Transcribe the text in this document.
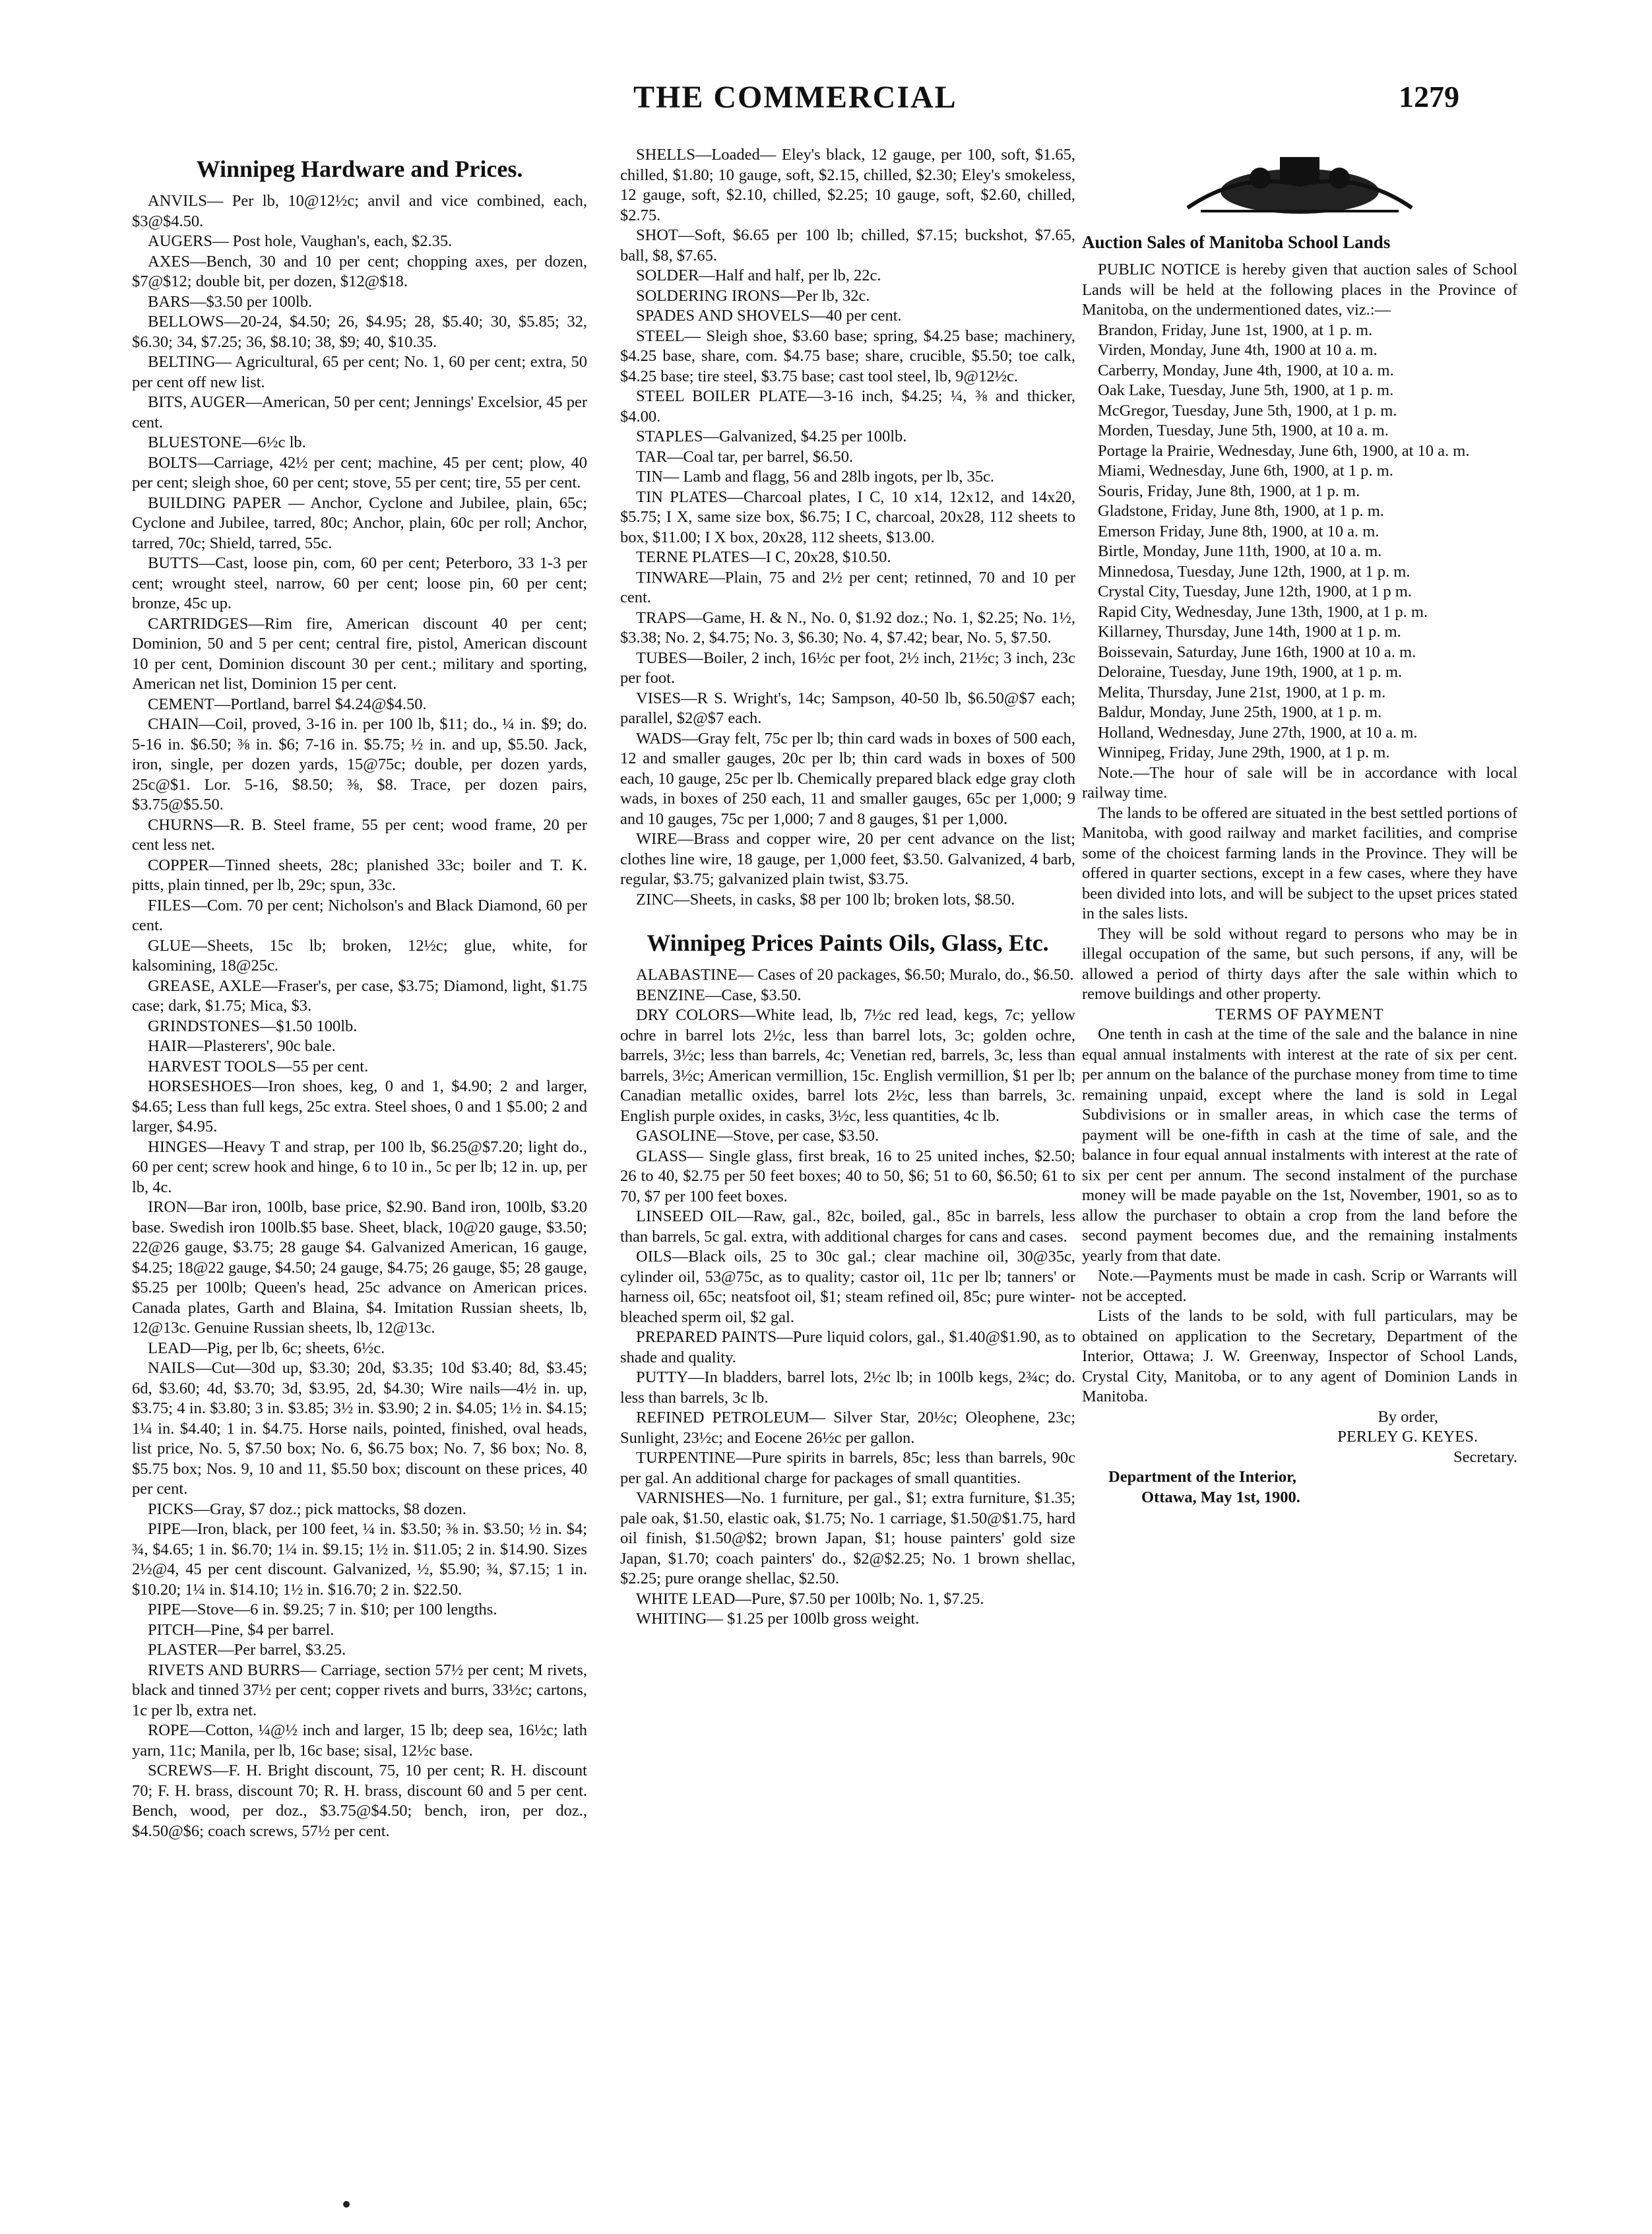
THE COMMERCIAL	1279
Winnipeg Hardware and Prices.

ANVILS— Per lb, 10@12½c; anvil and vice combined, each, $3@$4.50.

AUGERS— Post hole, Vaughan's, each, $2.35.

AXES—Bench, 30 and 10 per cent; chopping axes, per dozen, $7@$12; double bit, per dozen, $12@$18.

BARS—$3.50 per 100lb.

BELLOWS—20-24, $4.50; 26, $4.95; 28, $5.40; 30, $5.85; 32, $6.30; 34, $7.25; 36, $8.10; 38, $9; 40, $10.35.

BELTING— Agricultural, 65 per cent; No. 1, 60 per cent; extra, 50 per cent off new list.

BITS, AUGER—American, 50 per cent; Jennings' Excelsior, 45 per cent.

BLUESTONE—6½c lb.

BOLTS—Carriage, 42½ per cent; machine, 45 per cent; plow, 40 per cent; sleigh shoe, 60 per cent; stove, 55 per cent; tire, 55 per cent.

BUILDING PAPER — Anchor, Cyclone and Jubilee, plain, 65c; Cyclone and Jubilee, tarred, 80c; Anchor, plain, 60c per roll; Anchor, tarred, 70c; Shield, tarred, 55c.

BUTTS—Cast, loose pin, com, 60 per cent; Peterboro, 33 1-3 per cent; wrought steel, narrow, 60 per cent; loose pin, 60 per cent; bronze, 45c up.

CARTRIDGES—Rim fire, American discount 40 per cent; Dominion, 50 and 5 per cent; central fire, pistol, American discount 10 per cent, Dominion discount 30 per cent.; military and sporting, American net list, Dominion 15 per cent.

CEMENT—Portland, barrel $4.24@$4.50.

CHAIN—Coil, proved, 3-16 in. per 100 lb, $11; do., ¼ in. $9; do. 5-16 in. $6.50; ⅜ in. $6; 7-16 in. $5.75; ½ in. and up, $5.50. Jack, iron, single, per dozen yards, 15@75c; double, per dozen yards, 25c@$1. Lor. 5-16, $8.50; ⅜, $8. Trace, per dozen pairs, $3.75@$5.50.

CHURNS—R. B. Steel frame, 55 per cent; wood frame, 20 per cent less net.

COPPER—Tinned sheets, 28c; planished 33c; boiler and T. K. pitts, plain tinned, per lb, 29c; spun, 33c.

FILES—Com. 70 per cent; Nicholson's and Black Diamond, 60 per cent.

GLUE—Sheets, 15c lb; broken, 12½c; glue, white, for kalsomining, 18@25c.

GREASE, AXLE—Fraser's, per case, $3.75; Diamond, light, $1.75 case; dark, $1.75; Mica, $3.

GRINDSTONES—$1.50 100lb.

HAIR—Plasterers', 90c bale.

HARVEST TOOLS—55 per cent.

HORSESHOES—Iron shoes, keg, 0 and 1, $4.90; 2 and larger, $4.65; Less than full kegs, 25c extra. Steel shoes, 0 and 1 $5.00; 2 and larger, $4.95.

HINGES—Heavy T and strap, per 100 lb, $6.25@$7.20; light do., 60 per cent; screw hook and hinge, 6 to 10 in., 5c per lb; 12 in. up, per lb, 4c.

IRON—Bar iron, 100lb, base price, $2.90. Band iron, 100lb, $3.20 base. Swedish iron 100lb.$5 base. Sheet, black, 10@20 gauge, $3.50; 22@26 gauge, $3.75; 28 gauge $4. Galvanized American, 16 gauge, $4.25; 18@22 gauge, $4.50; 24 gauge, $4.75; 26 gauge, $5; 28 gauge, $5.25 per 100lb; Queen's head, 25c advance on American prices. Canada plates, Garth and Blaina, $4. Imitation Russian sheets, lb, 12@13c. Genuine Russian sheets, lb, 12@13c.

LEAD—Pig, per lb, 6c; sheets, 6½c.

NAILS—Cut—30d up, $3.30; 20d, $3.35; 10d $3.40; 8d, $3.45; 6d, $3.60; 4d, $3.70; 3d, $3.95, 2d, $4.30; Wire nails—4½ in. up, $3.75; 4 in. $3.80; 3 in. $3.85; 3½ in. $3.90; 2 in. $4.05; 1½ in. $4.15; 1¼ in. $4.40; 1 in. $4.75. Horse nails, pointed, finished, oval heads, list price, No. 5, $7.50 box; No. 6, $6.75 box; No. 7, $6 box; No. 8, $5.75 box; Nos. 9, 10 and 11, $5.50 box; discount on these prices, 40 per cent.

PICKS—Gray, $7 doz.; pick mattocks, $8 dozen.

PIPE—Iron, black, per 100 feet, ¼ in. $3.50; ⅜ in. $3.50; ½ in. $4; ¾, $4.65; 1 in. $6.70; 1¼ in. $9.15; 1½ in. $11.05; 2 in. $14.90. Sizes 2½@4, 45 per cent discount. Galvanized, ½, $5.90; ¾, $7.15; 1 in. $10.20; 1¼ in. $14.10; 1½ in. $16.70; 2 in. $22.50.

PIPE—Stove—6 in. $9.25; 7 in. $10; per 100 lengths.

PITCH—Pine, $4 per barrel.

PLASTER—Per barrel, $3.25.

RIVETS AND BURRS— Carriage, section 57½ per cent; M rivets, black and tinned 37½ per cent; copper rivets and burrs, 33½c; cartons, 1c per lb, extra net.

ROPE—Cotton, ¼@½ inch and larger, 15 lb; deep sea, 16½c; lath yarn, 11c; Manila, per lb, 16c base; sisal, 12½c base.

SCREWS—F. H. Bright discount, 75, 10 per cent; R. H. discount 70; F. H. brass, discount 70; R. H. brass, discount 60 and 5 per cent. Bench, wood, per doz., $3.75@$4.50; bench, iron, per doz., $4.50@$6; coach screws, 57½ per cent.

SHELLS—Loaded— Eley's black, 12 gauge, per 100, soft, $1.65, chilled, $1.80; 10 gauge, soft, $2.15, chilled, $2.30; Eley's smokeless, 12 gauge, soft, $2.10, chilled, $2.25; 10 gauge, soft, $2.60, chilled, $2.75.

SHOT—Soft, $6.65 per 100 lb; chilled, $7.15; buckshot, $7.65, ball, $8, $7.65.

SOLDER—Half and half, per lb, 22c.

SOLDERING IRONS—Per lb, 32c.

SPADES AND SHOVELS—40 per cent.

STEEL— Sleigh shoe, $3.60 base; spring, $4.25 base; machinery, $4.25 base, share, com. $4.75 base; share, crucible, $5.50; toe calk, $4.25 base; tire steel, $3.75 base; cast tool steel, lb, 9@12½c.

STEEL BOILER PLATE—3-16 inch, $4.25; ¼, ⅜ and thicker, $4.00.

STAPLES—Galvanized, $4.25 per 100lb.

TAR—Coal tar, per barrel, $6.50.

TIN— Lamb and flagg, 56 and 28lb ingots, per lb, 35c.

TIN PLATES—Charcoal plates, I C, 10 x14, 12x12, and 14x20, $5.75; I X, same size box, $6.75; I C, charcoal, 20x28, 112 sheets to box, $11.00; I X box, 20x28, 112 sheets, $13.00.

TERNE PLATES—I C, 20x28, $10.50.

TINWARE—Plain, 75 and 2½ per cent; retinned, 70 and 10 per cent.

TRAPS—Game, H. & N., No. 0, $1.92 doz.; No. 1, $2.25; No. 1½, $3.38; No. 2, $4.75; No. 3, $6.30; No. 4, $7.42; bear, No. 5, $7.50.

TUBES—Boiler, 2 inch, 16½c per foot, 2½ inch, 21½c; 3 inch, 23c per foot.

VISES—R S. Wright's, 14c; Sampson, 40-50 lb, $6.50@$7 each; parallel, $2@$7 each.

WADS—Gray felt, 75c per lb; thin card wads in boxes of 500 each, 12 and smaller gauges, 20c per lb; thin card wads in boxes of 500 each, 10 gauge, 25c per lb. Chemically prepared black edge gray cloth wads, in boxes of 250 each, 11 and smaller gauges, 65c per 1,000; 9 and 10 gauges, 75c per 1,000; 7 and 8 gauges, $1 per 1,000.

WIRE—Brass and copper wire, 20 per cent advance on the list; clothes line wire, 18 gauge, per 1,000 feet, $3.50. Galvanized, 4 barb, regular, $3.75; galvanized plain twist, $3.75.

ZINC—Sheets, in casks, $8 per 100 lb; broken lots, $8.50.

Winnipeg Prices Paints Oils, Glass, Etc.

ALABASTINE— Cases of 20 packages, $6.50; Muralo, do., $6.50.

BENZINE—Case, $3.50.

DRY COLORS—White lead, lb, 7½c red lead, kegs, 7c; yellow ochre in barrel lots 2½c, less than barrel lots, 3c; golden ochre, barrels, 3½c; less than barrels, 4c; Venetian red, barrels, 3c, less than barrels, 3½c; American vermillion, 15c. English vermillion, $1 per lb; Canadian metallic oxides, barrel lots 2½c, less than barrels, 3c. English purple oxides, in casks, 3½c, less quantities, 4c lb.

GASOLINE—Stove, per case, $3.50.

GLASS— Single glass, first break, 16 to 25 united inches, $2.50; 26 to 40, $2.75 per 50 feet boxes; 40 to 50, $6; 51 to 60, $6.50; 61 to 70, $7 per 100 feet boxes.

LINSEED OIL—Raw, gal., 82c, boiled, gal., 85c in barrels, less than barrels, 5c gal. extra, with additional charges for cans and cases.

OILS—Black oils, 25 to 30c gal.; clear machine oil, 30@35c, cylinder oil, 53@75c, as to quality; castor oil, 11c per lb; tanners' or harness oil, 65c; neatsfoot oil, $1; steam refined oil, 85c; pure winter-bleached sperm oil, $2 gal.

PREPARED PAINTS—Pure liquid colors, gal., $1.40@$1.90, as to shade and quality.

PUTTY—In bladders, barrel lots, 2½c lb; in 100lb kegs, 2¾c; do. less than barrels, 3c lb.

REFINED PETROLEUM— Silver Star, 20½c; Oleophene, 23c; Sunlight, 23½c; and Eocene 26½c per gallon.

TURPENTINE—Pure spirits in barrels, 85c; less than barrels, 90c per gal. An additional charge for packages of small quantities.

VARNISHES—No. 1 furniture, per gal., $1; extra furniture, $1.35; pale oak, $1.50, elastic oak, $1.75; No. 1 carriage, $1.50@$1.75, hard oil finish, $1.50@$2; brown Japan, $1; house painters' gold size Japan, $1.70; coach painters' do., $2@$2.25; No. 1 brown shellac, $2.25; pure orange shellac, $2.50.

WHITE LEAD—Pure, $7.50 per 100lb; No. 1, $7.25.

WHITING— $1.25 per 100lb gross weight.

Auction Sales of Manitoba School Lands

PUBLIC NOTICE is hereby given that auction sales of School Lands will be held at the following places in the Province of Manitoba, on the undermentioned dates, viz.:—

Brandon, Friday, June 1st, 1900, at 1 p. m.

Virden, Monday, June 4th, 1900 at 10 a. m.

Carberry, Monday, June 4th, 1900, at 10 a. m.

Oak Lake, Tuesday, June 5th, 1900, at 1 p. m.

McGregor, Tuesday, June 5th, 1900, at 1 p. m.

Morden, Tuesday, June 5th, 1900, at 10 a. m.

Portage la Prairie, Wednesday, June 6th, 1900, at 10 a. m.

Miami, Wednesday, June 6th, 1900, at 1 p. m.

Souris, Friday, June 8th, 1900, at 1 p. m.

Gladstone, Friday, June 8th, 1900, at 1 p. m.

Emerson Friday, June 8th, 1900, at 10 a. m.

Birtle, Monday, June 11th, 1900, at 10 a. m.

Minnedosa, Tuesday, June 12th, 1900, at 1 p. m.

Crystal City, Tuesday, June 12th, 1900, at 1 p m.

Rapid City, Wednesday, June 13th, 1900, at 1 p. m.

Killarney, Thursday, June 14th, 1900 at 1 p. m.

Boissevain, Saturday, June 16th, 1900 at 10 a. m.

Deloraine, Tuesday, June 19th, 1900, at 1 p. m.

Melita, Thursday, June 21st, 1900, at 1 p. m.

Baldur, Monday, June 25th, 1900, at 1 p. m.

Holland, Wednesday, June 27th, 1900, at 10 a. m.

Winnipeg, Friday, June 29th, 1900, at 1 p. m.

Note.—The hour of sale will be in accordance with local railway time.

The lands to be offered are situated in the best settled portions of Manitoba, with good railway and market facilities, and comprise some of the choicest farming lands in the Province. They will be offered in quarter sections, except in a few cases, where they have been divided into lots, and will be subject to the upset prices stated in the sales lists.

They will be sold without regard to persons who may be in illegal occupation of the same, but such persons, if any, will be allowed a period of thirty days after the sale within which to remove buildings and other property.

TERMS OF PAYMENT

One tenth in cash at the time of the sale and the balance in nine equal annual instalments with interest at the rate of six per cent. per annum on the balance of the purchase money from time to time remaining unpaid, except where the land is sold in Legal Subdivisions or in smaller areas, in which case the terms of payment will be one-fifth in cash at the time of sale, and the balance in four equal annual instalments with interest at the rate of six per cent per annum. The second instalment of the purchase money will be made payable on the 1st, November, 1901, so as to allow the purchaser to obtain a crop from the land before the second payment becomes due, and the remaining instalments yearly from that date.

Note.—Payments must be made in cash. Scrip or Warrants will not be accepted.

Lists of the lands to be sold, with full particulars, may be obtained on application to the Secretary, Department of the Interior, Ottawa; J. W. Greenway, Inspector of School Lands, Crystal City, Manitoba, or to any agent of Dominion Lands in Manitoba.

By order,

PERLEY G. KEYES.

Secretary.

Department of the Interior,

Ottawa, May 1st, 1900.
